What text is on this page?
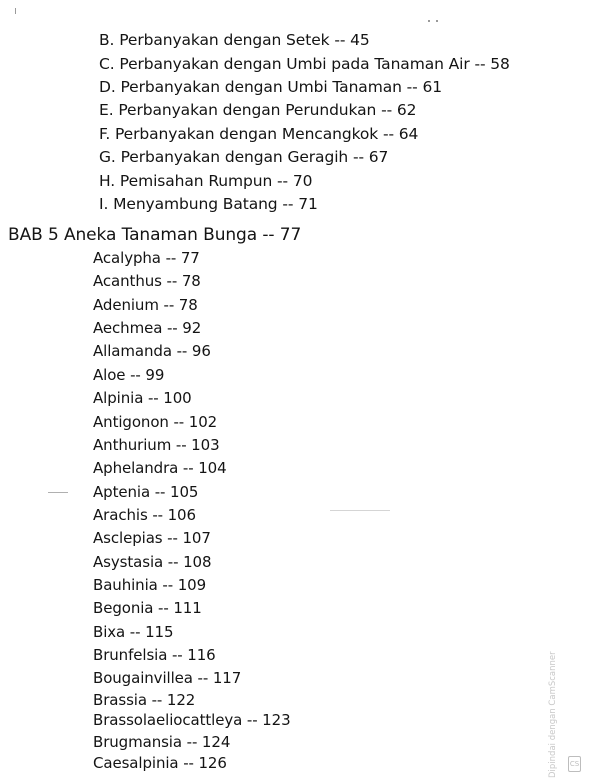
B. Perbanyakan dengan Setek -- 45
C. Perbanyakan dengan Umbi pada Tanaman Air -- 58
D. Perbanyakan dengan Umbi Tanaman -- 61
E. Perbanyakan dengan Perundukan -- 62
F. Perbanyakan dengan Mencangkok -- 64
G. Perbanyakan dengan Geragih -- 67
H. Pemisahan Rumpun -- 70
I. Menyambung Batang -- 71
BAB 5 Aneka Tanaman Bunga -- 77
Acalypha -- 77
Acanthus -- 78
Adenium -- 78
Aechmea -- 92
Allamanda -- 96
Aloe -- 99
Alpinia -- 100
Antigonon -- 102
Anthurium -- 103
Aphelandra -- 104
Aptenia -- 105
Arachis -- 106
Asclepias -- 107
Asystasia -- 108
Bauhinia -- 109
Begonia -- 111
Bixa -- 115
Brunfelsia -- 116
Bougainvillea -- 117
Brassia -- 122
Brassolaeliocattleya -- 123
Brugmansia -- 124
Caesalpinia -- 126	CS
Dipindai dengan CamScanner
